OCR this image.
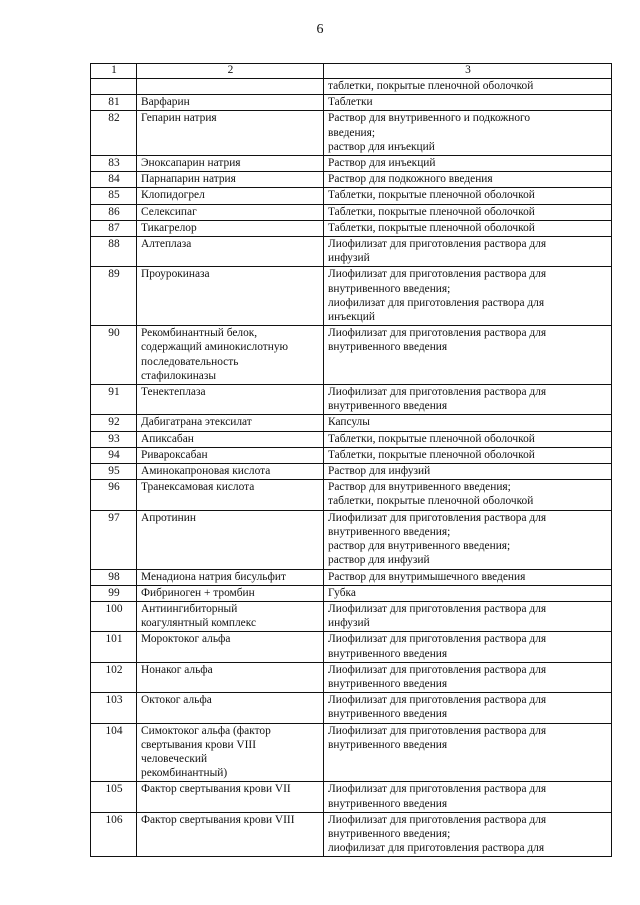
6
1	2	3
		таблетки, покрытые пленочной оболочкой
81	Варфарин	Таблетки
82	Гепарин натрия	Раствор для внутривенного и подкожного
введения;
раствор для инъекций
83	Эноксапарин натрия	Раствор для инъекций
84	Парнапарин натрия	Раствор для подкожного введения
85	Клопидогрел	Таблетки, покрытые пленочной оболочкой
86	Селексипаг	Таблетки, покрытые пленочной оболочкой
87	Тикагрелор	Таблетки, покрытые пленочной оболочкой
88	Алтеплаза	Лиофилизат для приготовления раствора для
инфузий
89	Проурокиназа	Лиофилизат для приготовления раствора для
внутривенного введения;
лиофилизат для приготовления раствора для
инъекций
90	Рекомбинантный белок,
содержащий аминокислотную
последовательность
стафилокиназы	Лиофилизат для приготовления раствора для
внутривенного введения
91	Тенектеплаза	Лиофилизат для приготовления раствора для
внутривенного введения
92	Дабигатрана этексилат	Капсулы
93	Апиксабан	Таблетки, покрытые пленочной оболочкой
94	Ривароксабан	Таблетки, покрытые пленочной оболочкой
95	Аминокапроновая кислота	Раствор для инфузий
96	Транексамовая кислота	Раствор для внутривенного введения;
таблетки, покрытые пленочной оболочкой
97	Апротинин	Лиофилизат для приготовления раствора для
внутривенного введения;
раствор для внутривенного введения;
раствор для инфузий
98	Менадиона натрия бисульфит	Раствор для внутримышечного введения
99	Фибриноген + тромбин	Губка
100	Антиингибиторный
коагулянтный комплекс	Лиофилизат для приготовления раствора для
инфузий
101	Мороктоког альфа	Лиофилизат для приготовления раствора для
внутривенного введения
102	Нонаког альфа	Лиофилизат для приготовления раствора для
внутривенного введения
103	Октоког альфа	Лиофилизат для приготовления раствора для
внутривенного введения
104	Симоктоког альфа (фактор
свертывания крови VIII
человеческий
рекомбинантный)	Лиофилизат для приготовления раствора для
внутривенного введения
105	Фактор свертывания крови VII	Лиофилизат для приготовления раствора для
внутривенного введения
106	Фактор свертывания крови VIII	Лиофилизат для приготовления раствора для
внутривенного введения;
лиофилизат для приготовления раствора для
